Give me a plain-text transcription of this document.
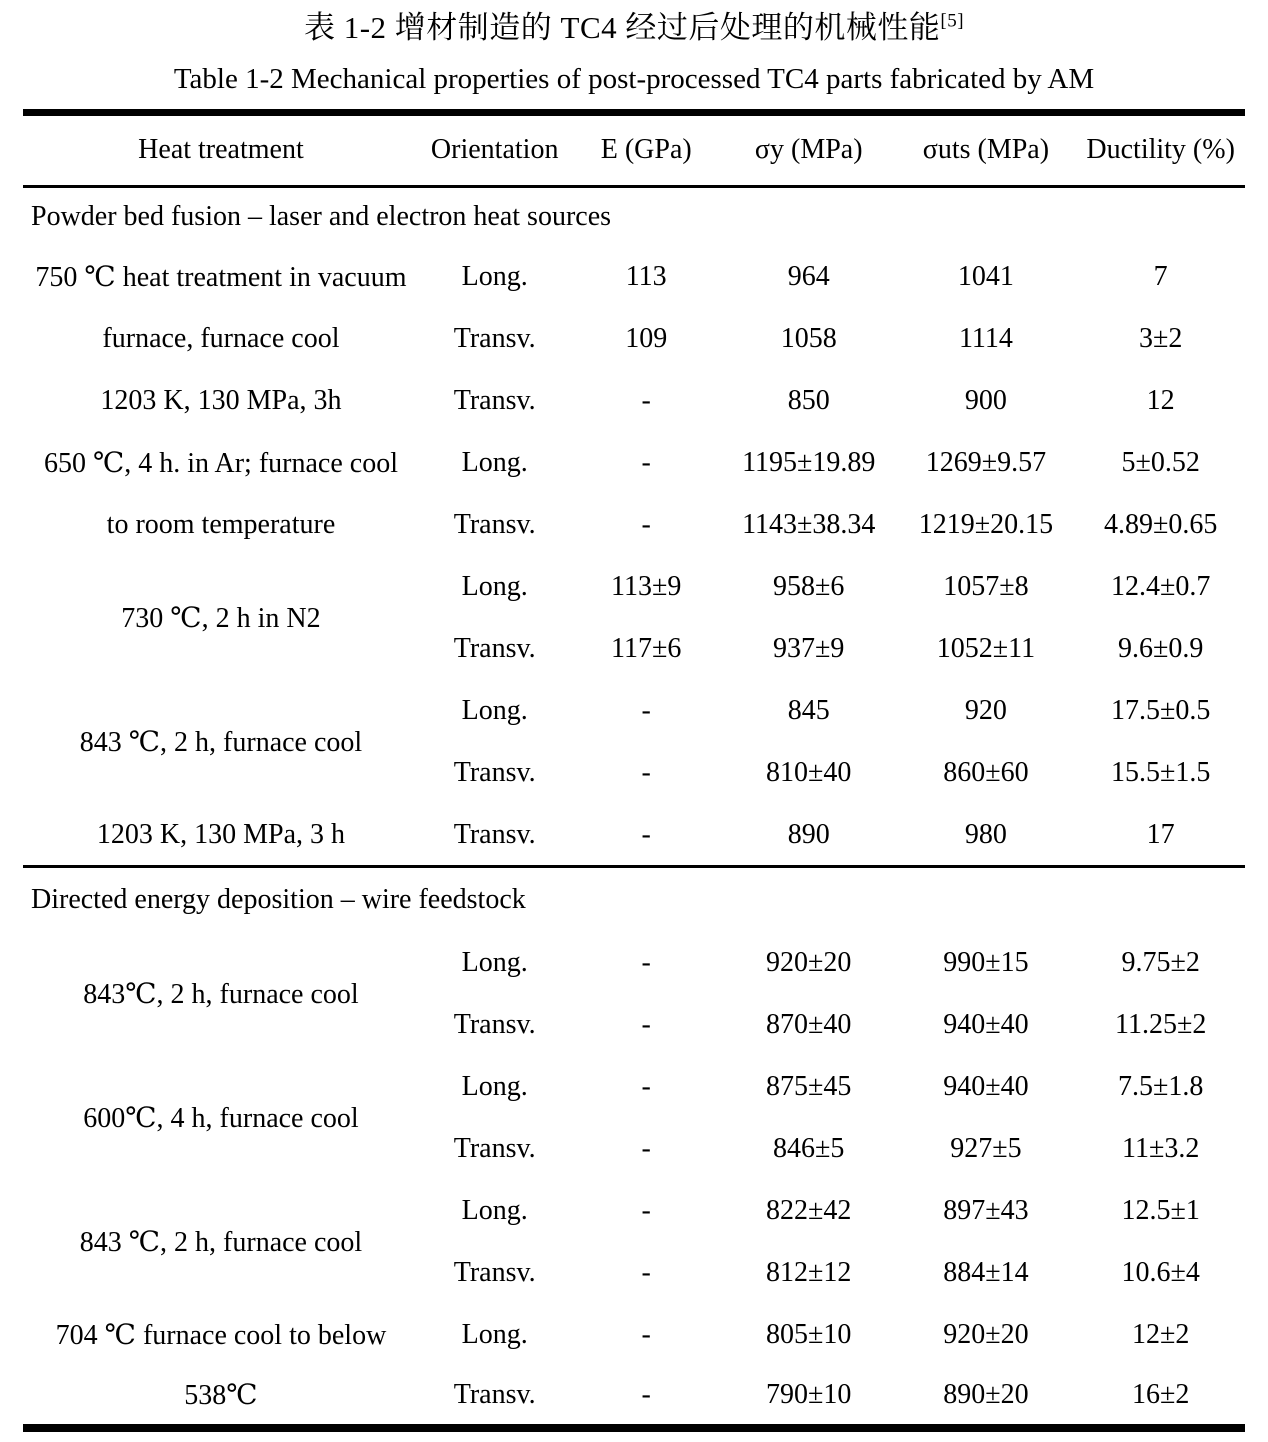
表 1-2 增材制造的 TC4 经过后处理的机械性能[5]
Table 1-2 Mechanical properties of post-processed TC4 parts fabricated by AM
Heat treatment	Orientation	E (GPa)	σy (MPa)	σuts (MPa)	Ductility (%)
Powder bed fusion – laser and electron heat sources					
750 ℃ heat treatment in vacuum	Long.	113	964	1041	7
furnace, furnace cool	Transv.	109	1058	1114	3±2
1203 K, 130 MPa, 3h	Transv.	-	850	900	12
650 ℃, 4 h. in Ar; furnace cool	Long.	-	1195±19.89	1269±9.57	5±0.52
to room temperature	Transv.	-	1143±38.34	1219±20.15	4.89±0.65
730 ℃, 2 h in N2	Long.	113±9	958±6	1057±8	12.4±0.7
	Transv.	117±6	937±9	1052±11	9.6±0.9
843 ℃, 2 h, furnace cool	Long.	-	845	920	17.5±0.5
	Transv.	-	810±40	860±60	15.5±1.5
1203 K, 130 MPa, 3 h	Transv.	-	890	980	17
Directed energy deposition – wire feedstock					
843℃, 2 h, furnace cool	Long.	-	920±20	990±15	9.75±2
	Transv.	-	870±40	940±40	11.25±2
600℃, 4 h, furnace cool	Long.	-	875±45	940±40	7.5±1.8
	Transv.	-	846±5	927±5	11±3.2
843 ℃, 2 h, furnace cool	Long.	-	822±42	897±43	12.5±1
	Transv.	-	812±12	884±14	10.6±4
704 ℃ furnace cool to below	Long.	-	805±10	920±20	12±2
538℃	Transv.	-	790±10	890±20	16±2
